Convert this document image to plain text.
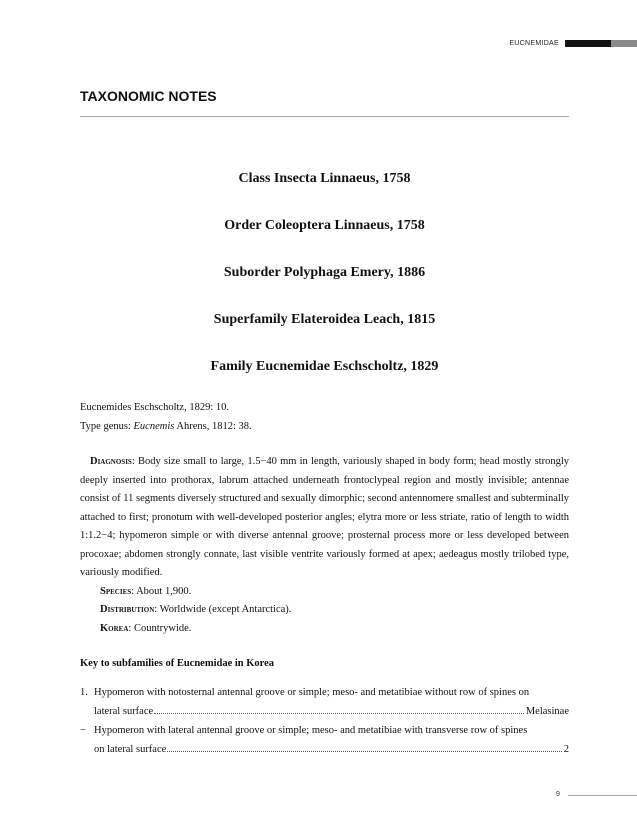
EUCNEMIDAE
TAXONOMIC NOTES
Class Insecta Linnaeus, 1758
Order Coleoptera Linnaeus, 1758
Suborder Polyphaga Emery, 1886
Superfamily Elateroidea Leach, 1815
Family Eucnemidae Eschscholtz, 1829
Eucnemides Eschscholtz, 1829: 10.
Type genus: Eucnemis Ahrens, 1812: 38.
Diagnosis: Body size small to large, 1.5−40 mm in length, variously shaped in body form; head mostly strongly deeply inserted into prothorax, labrum attached underneath frontoclypeal region and mostly invisible; antennae consist of 11 segments diversely structured and sexually dimorphic; second antennomere smallest and subterminally attached to first; pronotum with well-developed posterior angles; elytra more or less striate, ratio of length to width 1:1.2−4; hypomeron simple or with diverse antennal groove; prosternal process more or less developed between procoxae; abdomen strongly connate, last visible ventrite variously formed at apex; aedeagus mostly trilobed type, variously modified.
Species: About 1,900.
Distribution: Worldwide (except Antarctica).
Korea: Countrywide.
Key to subfamilies of Eucnemidae in Korea
1. Hypomeron with notosternal antennal groove or simple; meso- and metatibiae without row of spines on
lateral surface	Melasinae
− Hypomeron with lateral antennal groove or simple; meso- and metatibiae with transverse row of spines
on lateral surface	2
9
